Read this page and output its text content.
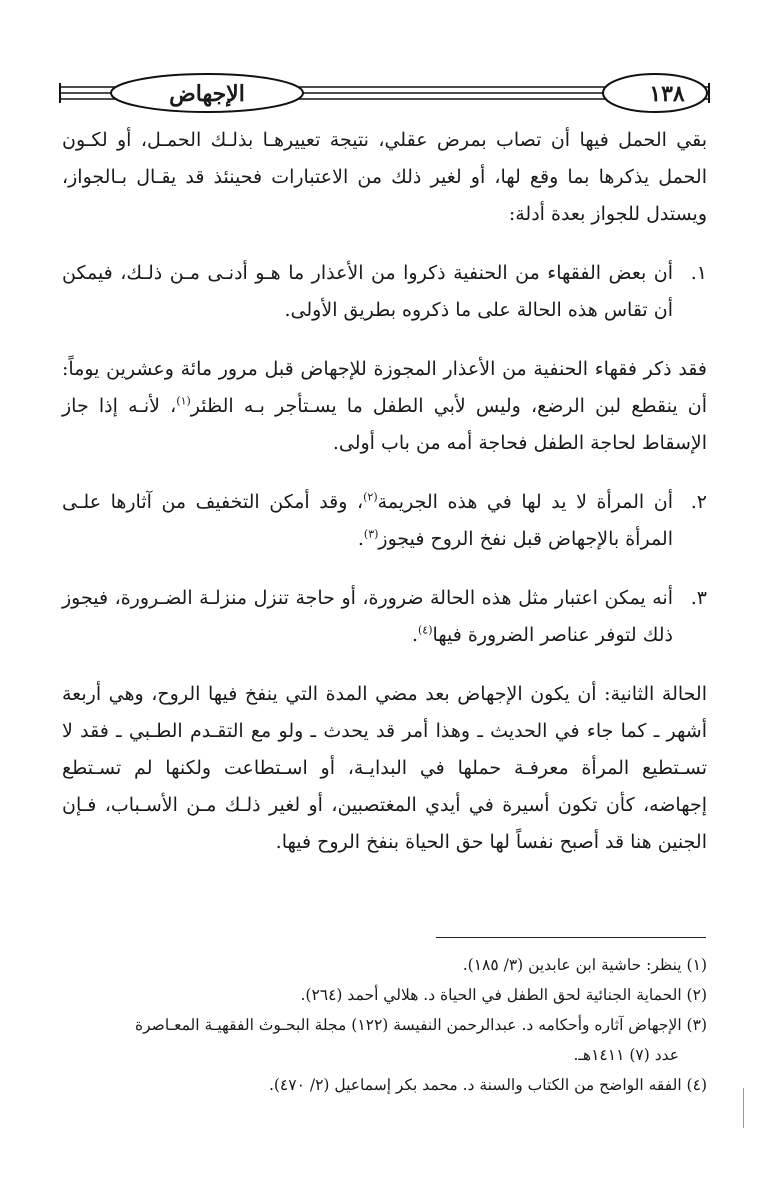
الإجهاض	١٣٨

بقي الحمل فيها أن تصاب بمرض عقلي، نتيجة تعييرهـا بذلـك الحمـل، أو لكـون الحمل يذكرها بما وقع لها، أو لغير ذلك من الاعتبارات فحينئذ قد يقـال بـالجواز، ويستدل للجواز بعدة أدلة:

١.
أن بعض الفقهاء من الحنفية ذكروا من الأعذار ما هـو أدنـى مـن ذلـك، فيمكن أن تقاس هذه الحالة على ما ذكروه بطريق الأولى.

فقد ذكر فقهاء الحنفية من الأعذار المجوزة للإجهاض قبل مرور مائة وعشرين يوماً: أن ينقطع لبن الرضع، وليس لأبي الطفل ما يسـتأجر بـه الظئر$^{(١)}$، لأنـه إذا جاز الإسقاط لحاجة الطفل فحاجة أمه من باب أولى.

٢.
أن المرأة لا يد لها في هذه الجريمة$^{(٢)}$، وقد أمكن التخفيف من آثارها علـى المرأة بالإجهاض قبل نفخ الروح فيجوز$^{(٣)}$.
٣.
أنه يمكن اعتبار مثل هذه الحالة ضرورة، أو حاجة تنزل منزلـة الضـرورة، فيجوز ذلك لتوفر عناصر الضرورة فيها$^{(٤)}$.

الحالة الثانية: أن يكون الإجهاض بعد مضي المدة التي ينفخ فيها الروح، وهي أربعة أشهر ـ كما جاء في الحديث ـ وهذا أمر قد يحدث ـ ولو مع التقـدم الطـبي ـ فقد لا تسـتطيع المرأة معرفـة حملها في البدايـة، أو اسـتطاعت ولكنها لم تسـتطع إجهاضه، كأن تكون أسيرة في أيدي المغتصبين، أو لغير ذلـك مـن الأسـباب، فـإن الجنين هنا قد أصبح نفساً لها حق الحياة بنفخ الروح فيها.

(١) ينظر: حاشية ابن عابدين (٣/ ١٨٥).
(٢) الحماية الجنائية لحق الطفل في الحياة د. هلالي أحمد (٢٦٤).
(٣) الإجهاض آثاره وأحكامه د. عبدالرحمن النفيسة (١٢٢) مجلة البحـوث الفقهيـة المعـاصرة
عدد (٧) ١٤١١هـ.
(٤) الفقه الواضح من الكتاب والسنة د. محمد بكر إسماعيل (٢/ ٤٧٠).
